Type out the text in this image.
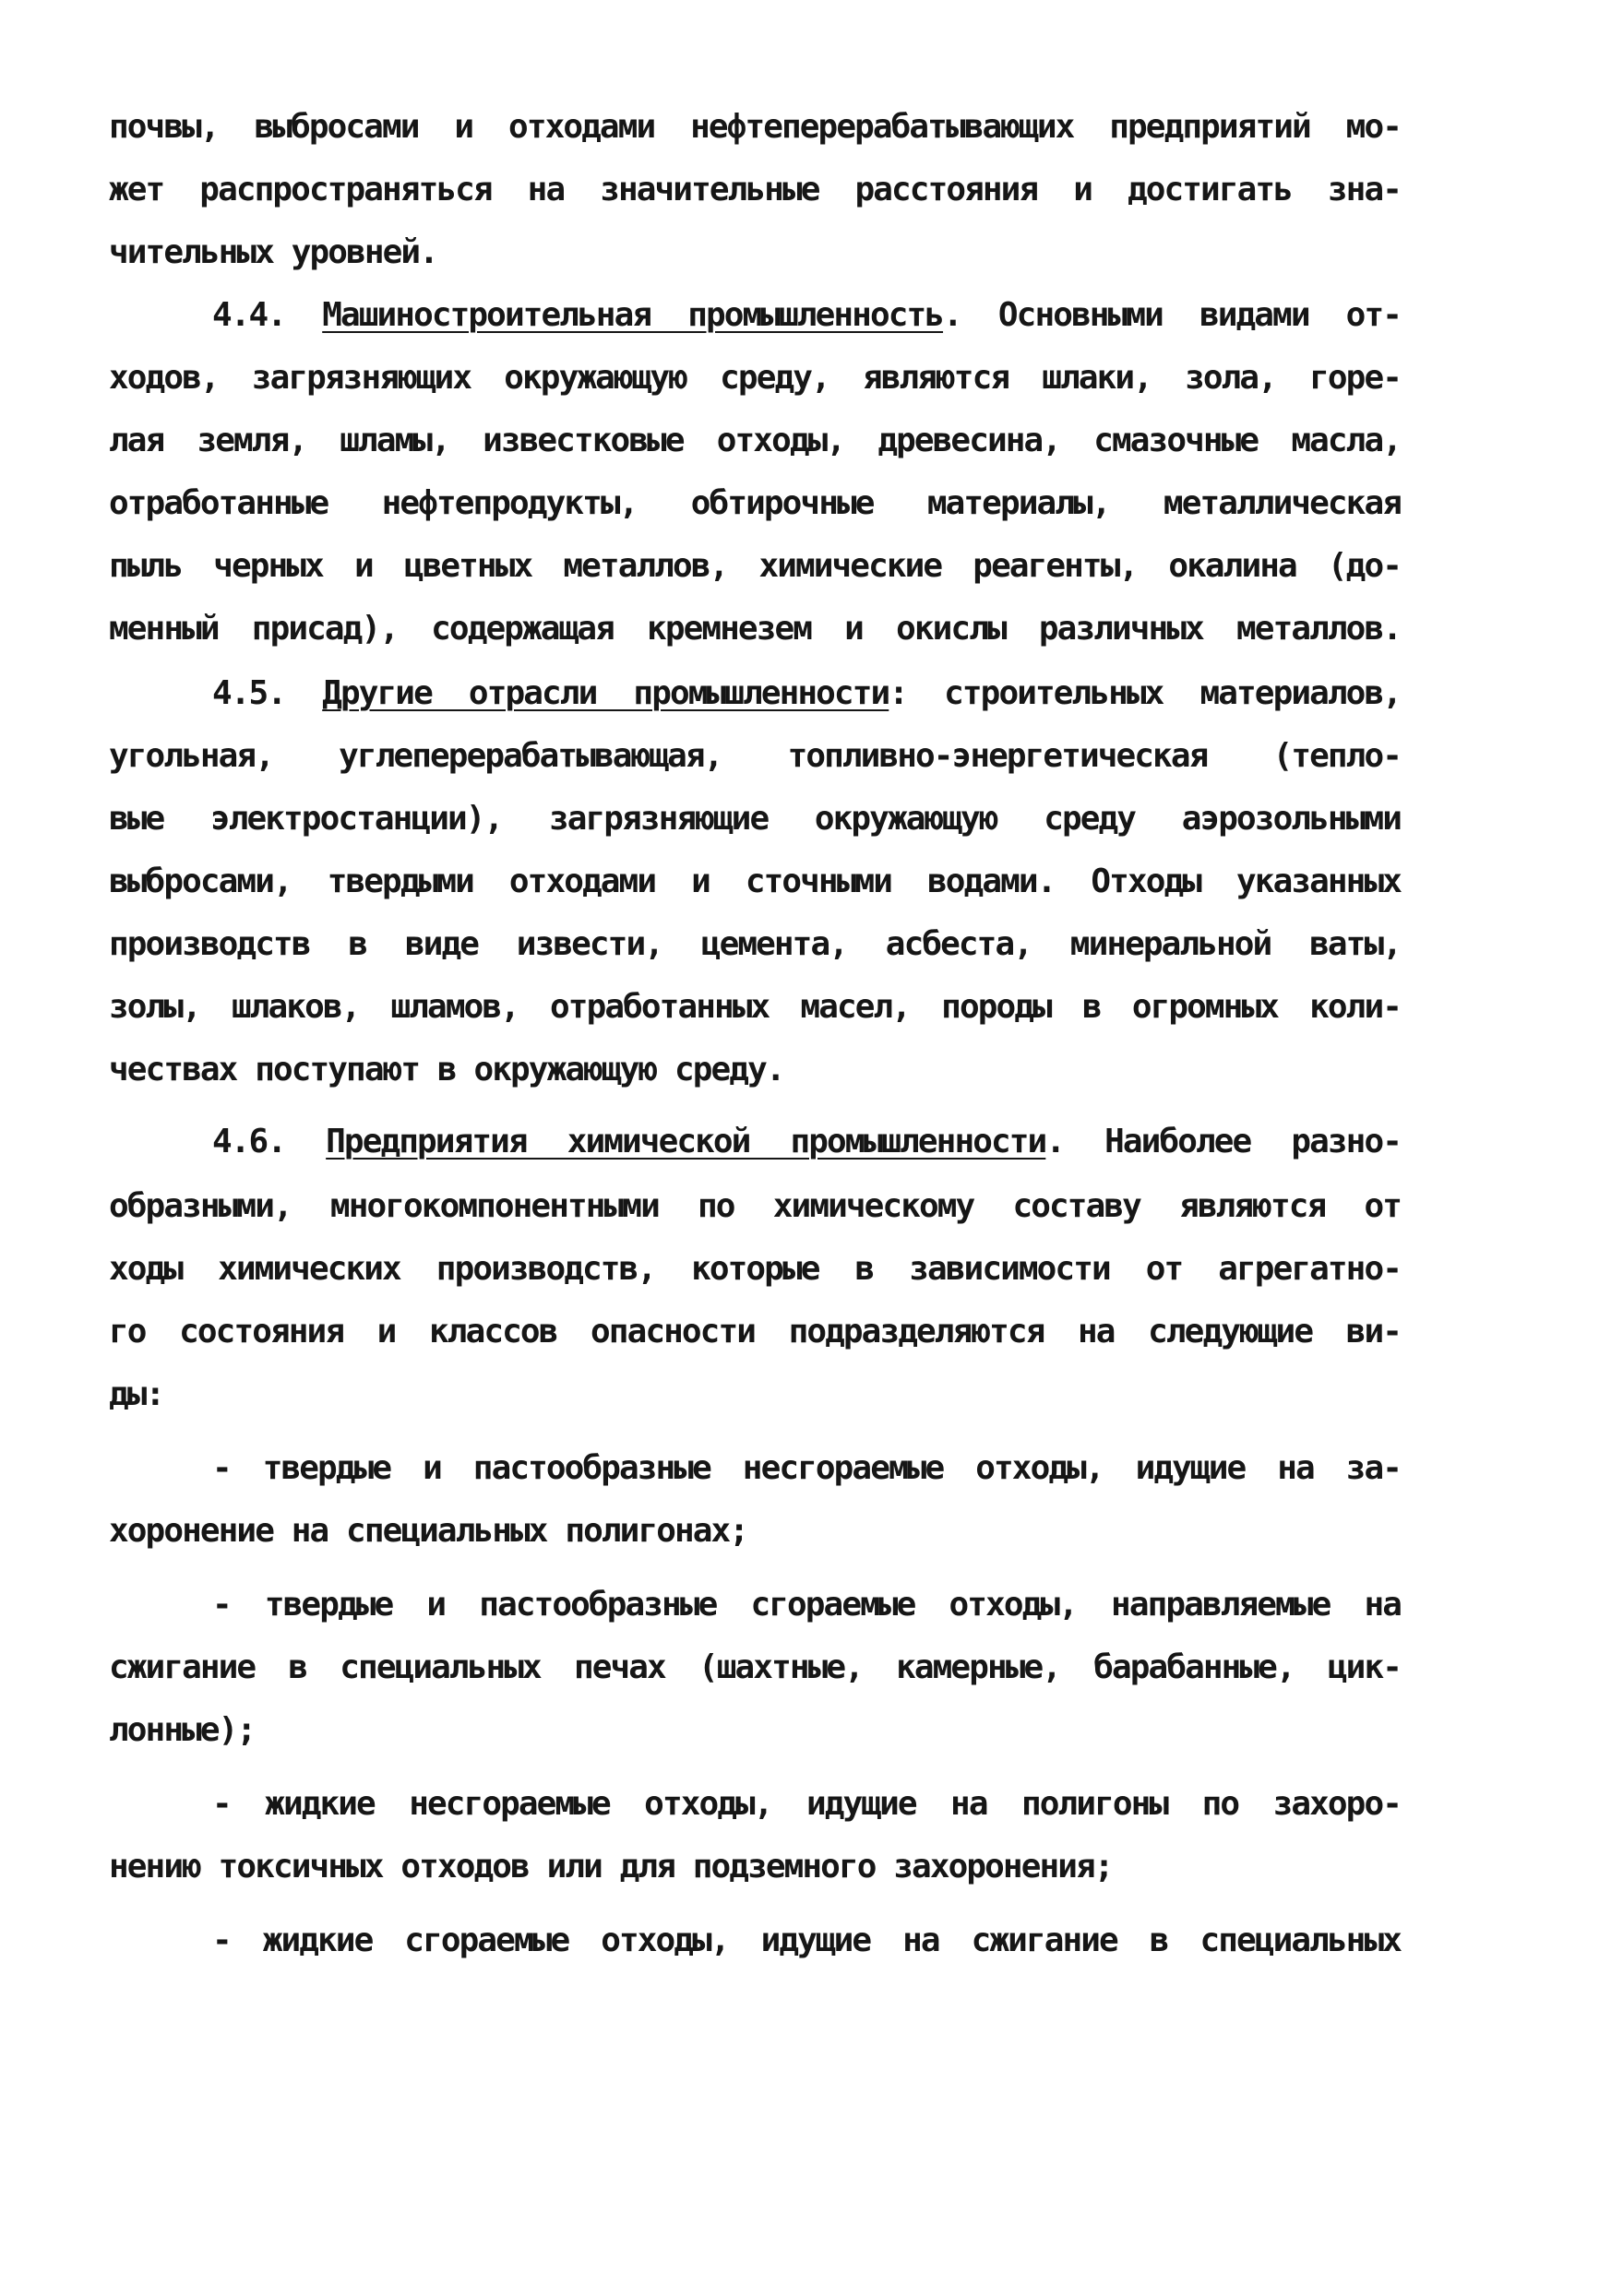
почвы, выбросами и отходами нефтеперерабатывающих предприятий мо-
жет распространяться на значительные расстояния и достигать зна-
чительных уровней.
4.4. Машиностроительная промышленность. Основными видами от-
ходов, загрязняющих окружающую среду, являются шлаки, зола, горе-
лая земля, шламы, известковые отходы, древесина, смазочные масла,
отработанные нефтепродукты, обтирочные материалы, металлическая
пыль черных и цветных металлов, химические реагенты, окалина (до-
менный присад), содержащая кремнезем и окислы различных металлов.
4.5. Другие отрасли промышленности: строительных материалов,
угольная, углеперерабатывающая, топливно-энергетическая (тепло-
вые электростанции), загрязняющие окружающую среду аэрозольными
выбросами, твердыми отходами и сточными водами. Отходы указанных
производств в виде извести, цемента, асбеста, минеральной ваты,
золы, шлаков, шламов, отработанных масел, породы в огромных коли-
чествах поступают в окружающую среду.
4.6. Предприятия химической промышленности. Наиболее разно-
образными, многокомпонентными по химическому составу являются от
ходы химических производств, которые в зависимости от агрегатно-
го состояния и классов опасности подразделяются на следующие ви-
ды:
- твердые и пастообразные несгораемые отходы, идущие на за-
хоронение на специальных полигонах;
- твердые и пастообразные сгораемые отходы, направляемые на
сжигание в специальных печах (шахтные, камерные, барабанные, цик-
лонные);
- жидкие несгораемые отходы, идущие на полигоны по захоро-
нению токсичных отходов или для подземного захоронения;
- жидкие сгораемые отходы, идущие на сжигание в специальных
